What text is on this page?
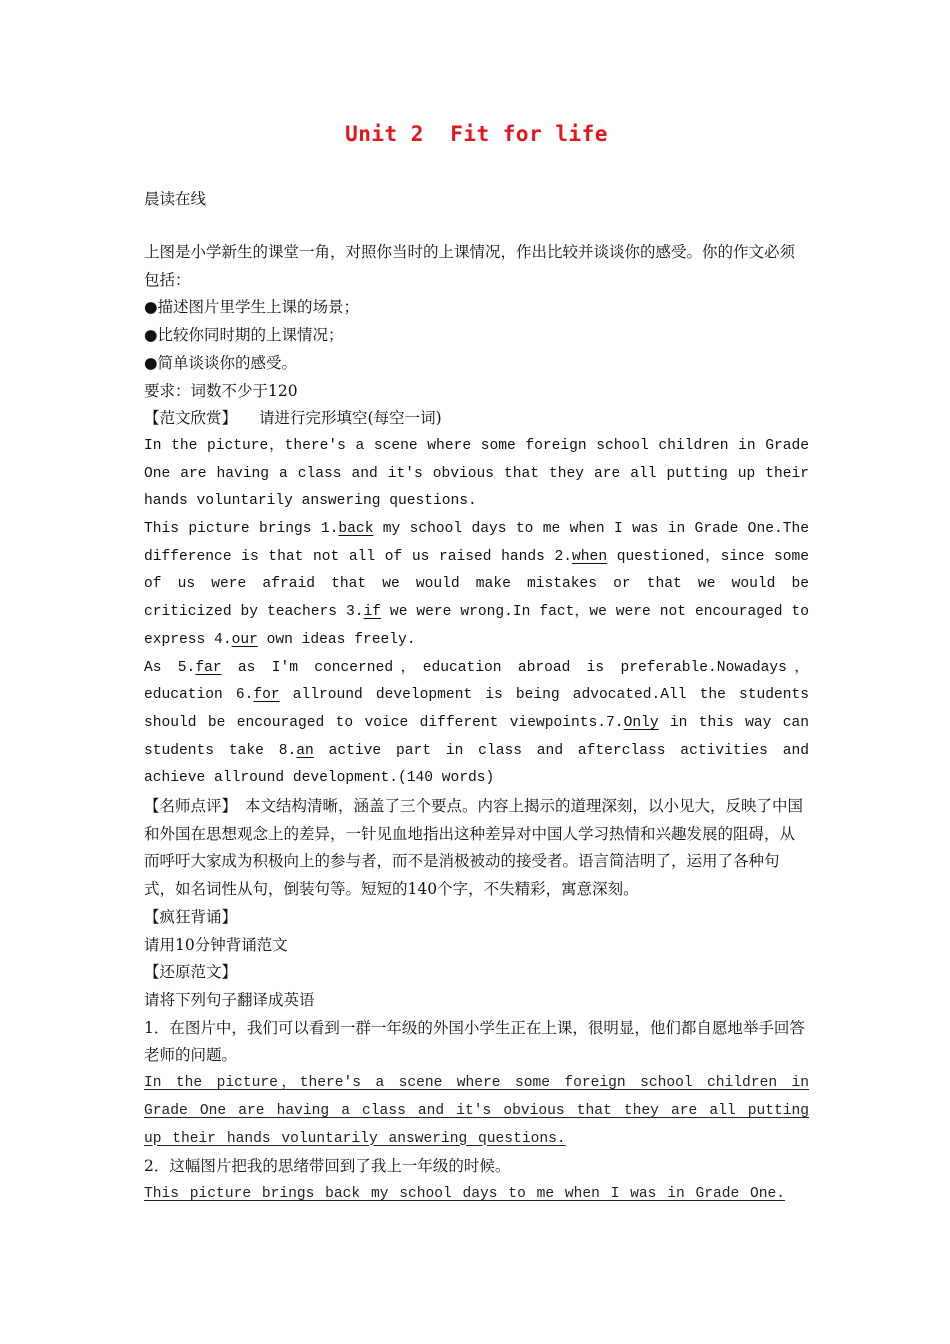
Unit 2  Fit for life

晨读在线

上图是小学新生的课堂一角，对照你当时的上课情况，作出比较并谈谈你的感受。你的作文必须包括：

●描述图片里学生上课的场景；

●比较你同时期的上课情况；

●简单谈谈你的感受。

要求：词数不少于120

【范文欣赏】 请进行完形填空(每空一词)

In the picture，there's a scene where some foreign school children in Grade One are having a class and it's obvious that they are all putting up their hands voluntarily answering questions.

This picture brings 1.back my school days to me when I was in Grade One.The difference is that not all of us raised hands 2.when questioned，since some of us were afraid that we would make mistakes or that we would be criticized by teachers 3.if we were wrong.In fact，we were not encouraged to express 4.our own ideas freely.

As 5.far as I'm concerned，education abroad is preferable.Nowadays，education 6.for allround development is being advocated.All the students should be encouraged to voice different viewpoints.7.Only in this way can students take 8.an active part in class and afterclass activities and achieve allround development.(140 words)

【名师点评】 本文结构清晰，涵盖了三个要点。内容上揭示的道理深刻，以小见大，反映了中国和外国在思想观念上的差异，一针见血地指出这种差异对中国人学习热情和兴趣发展的阻碍，从而呼吁大家成为积极向上的参与者，而不是消极被动的接受者。语言简洁明了，运用了各种句式，如名词性从句，倒装句等。短短的140个字，不失精彩，寓意深刻。

【疯狂背诵】

请用10分钟背诵范文

【还原范文】

请将下列句子翻译成英语

1．在图片中，我们可以看到一群一年级的外国小学生正在上课，很明显，他们都自愿地举手回答老师的问题。

In the picture，there's a scene where some foreign school children in Grade One are having a class and it's obvious that they are all putting up their hands voluntarily answering questions.

2．这幅图片把我的思绪带回到了我上一年级的时候。

This picture brings back my school days to me when I was in Grade One.
